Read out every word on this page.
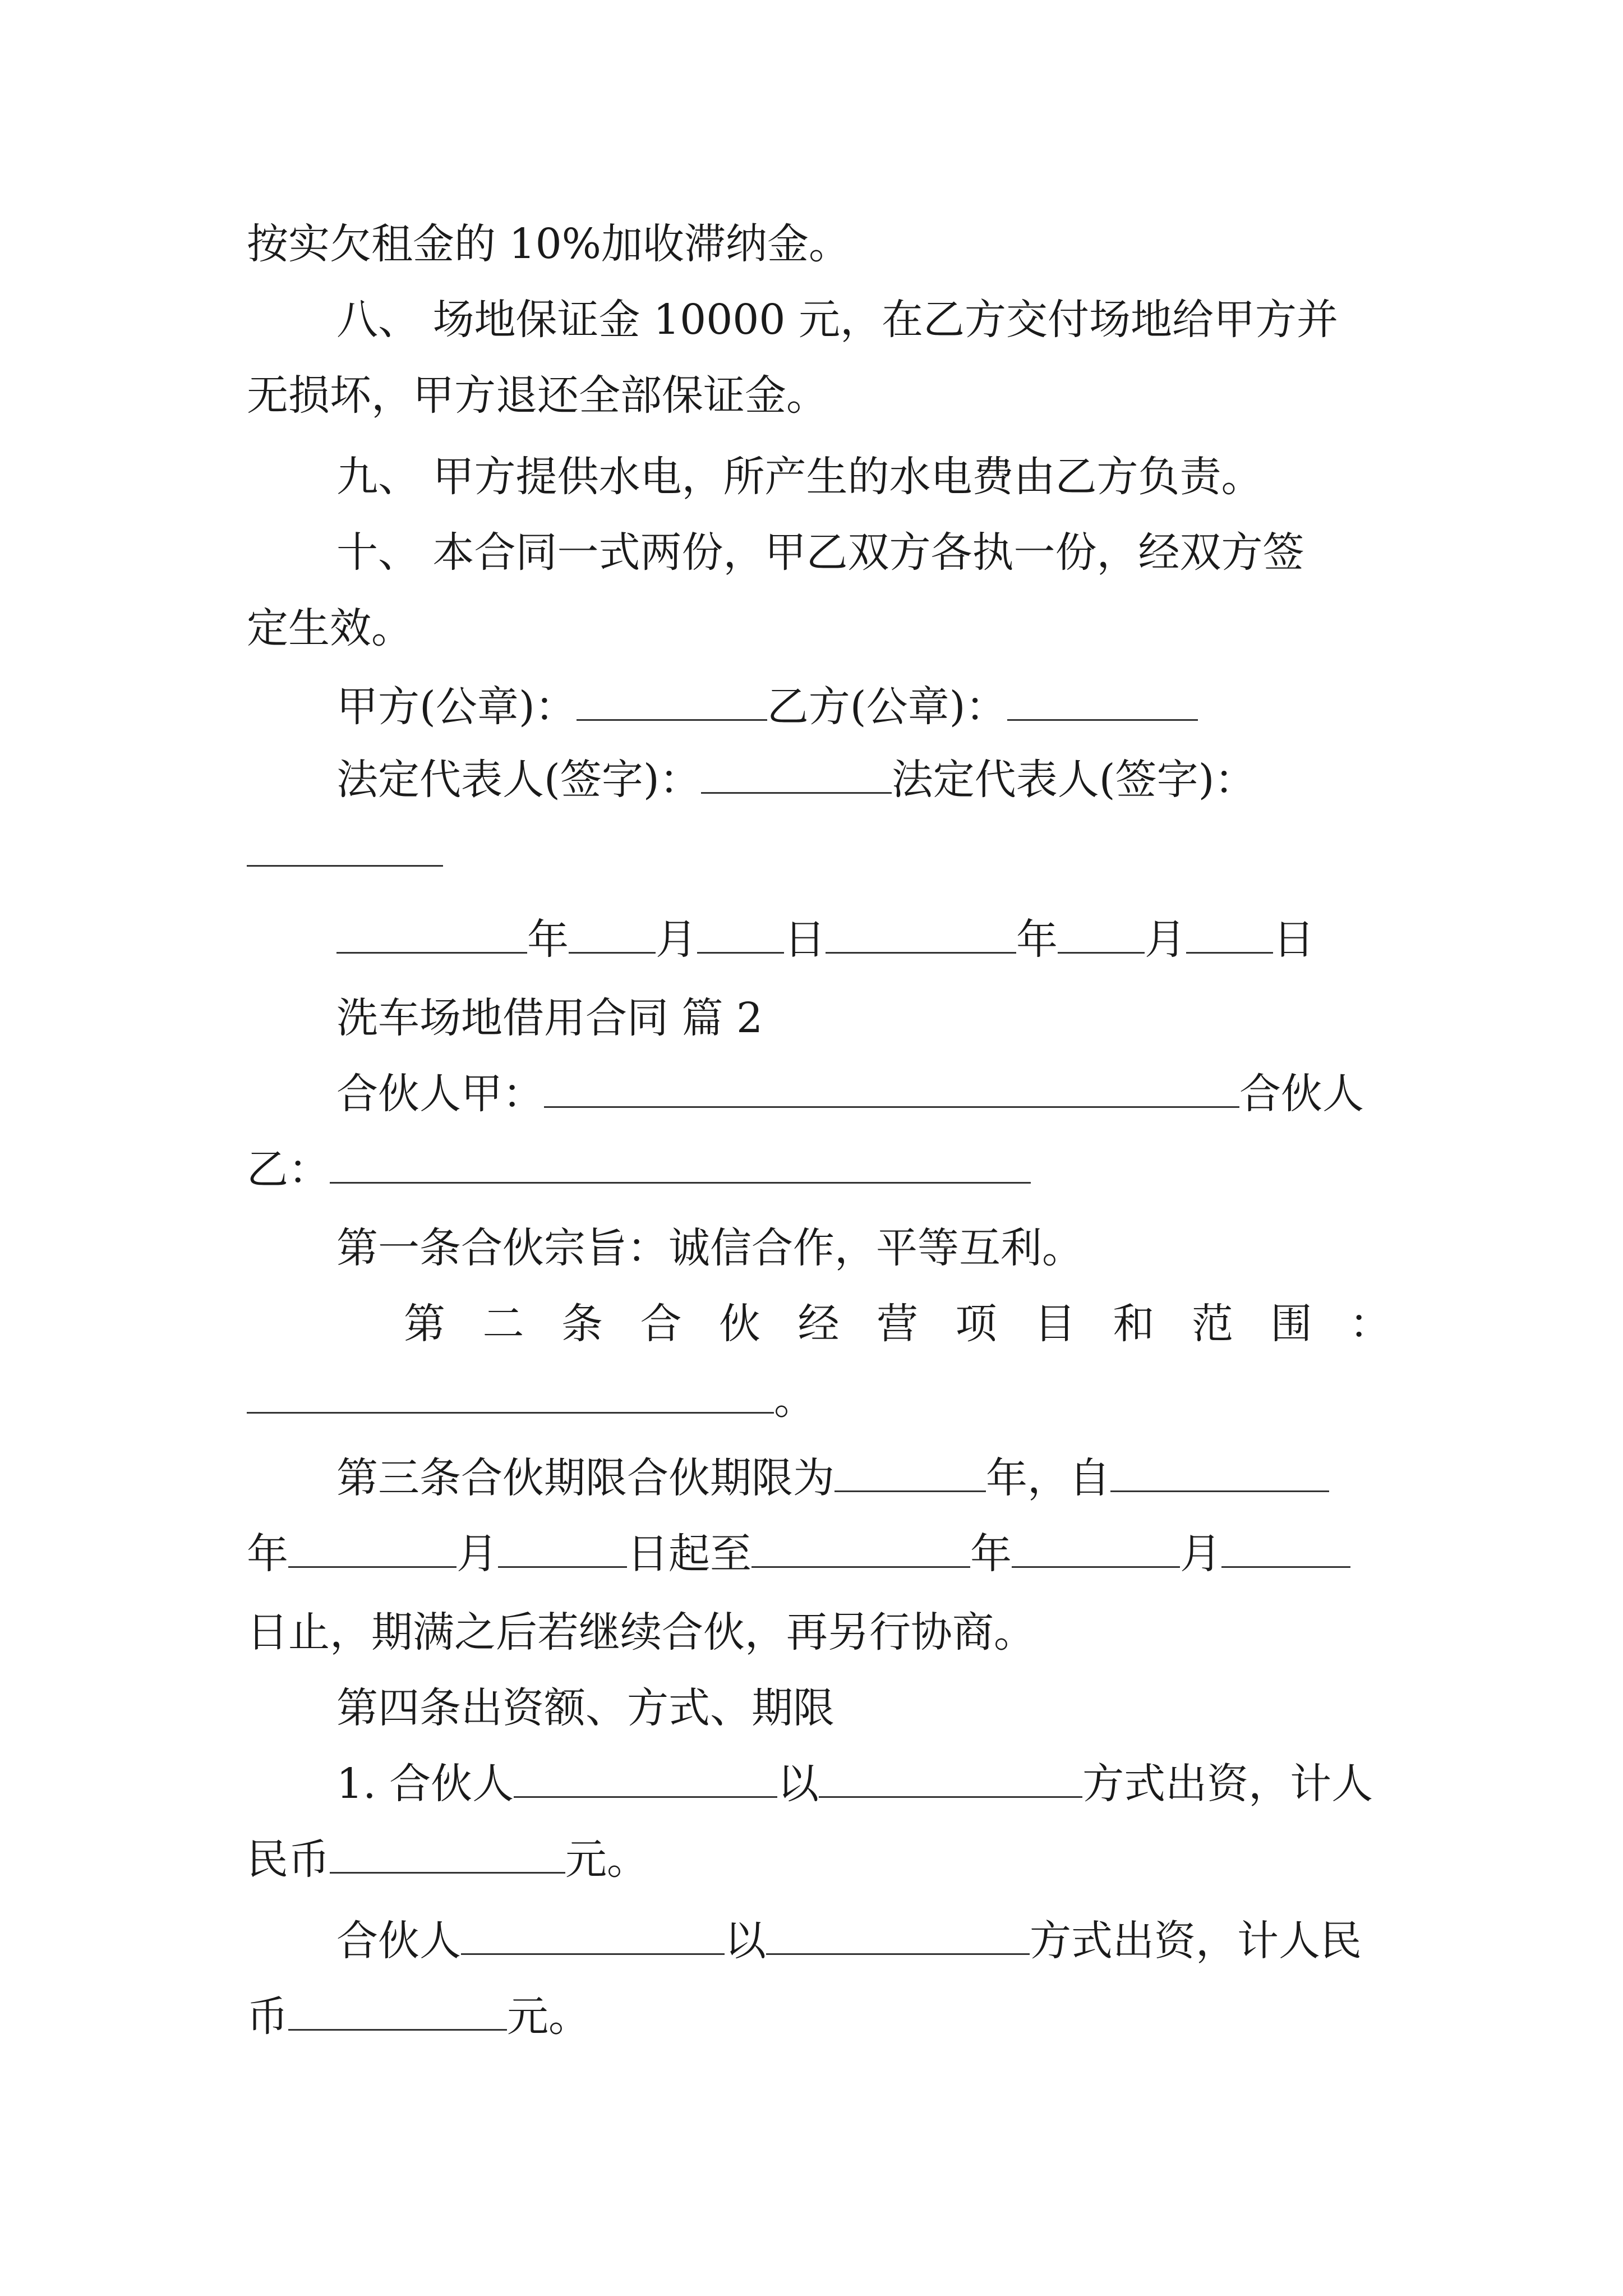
按实欠租金的 10%加收滞纳金。
八、 场地保证金 10000 元，在乙方交付场地给甲方并
无损坏，甲方退还全部保证金。
九、 甲方提供水电，所产生的水电费由乙方负责。
十、 本合同一式两份，甲乙双方各执一份，经双方签
定生效。
甲方(公章)：	乙方(公章)：
法定代表人(签字)：	法定代表人(签字)：
年 月 日	年 月 日
洗车场地借用合同 篇 2
合伙人甲：	合伙人
乙：
第一条合伙宗旨：诚信合作，平等互利。
第 二 条 合 伙 经 营 项 目 和 范 围 ：
。
第三条合伙期限合伙期限为	年，自
年	月	日起至	年	月
日止，期满之后若继续合伙，再另行协商。
第四条出资额、方式、期限
1. 合伙人	以	方式出资，计人
民币	元。
合伙人	以	方式出资，计人民
币	元。
